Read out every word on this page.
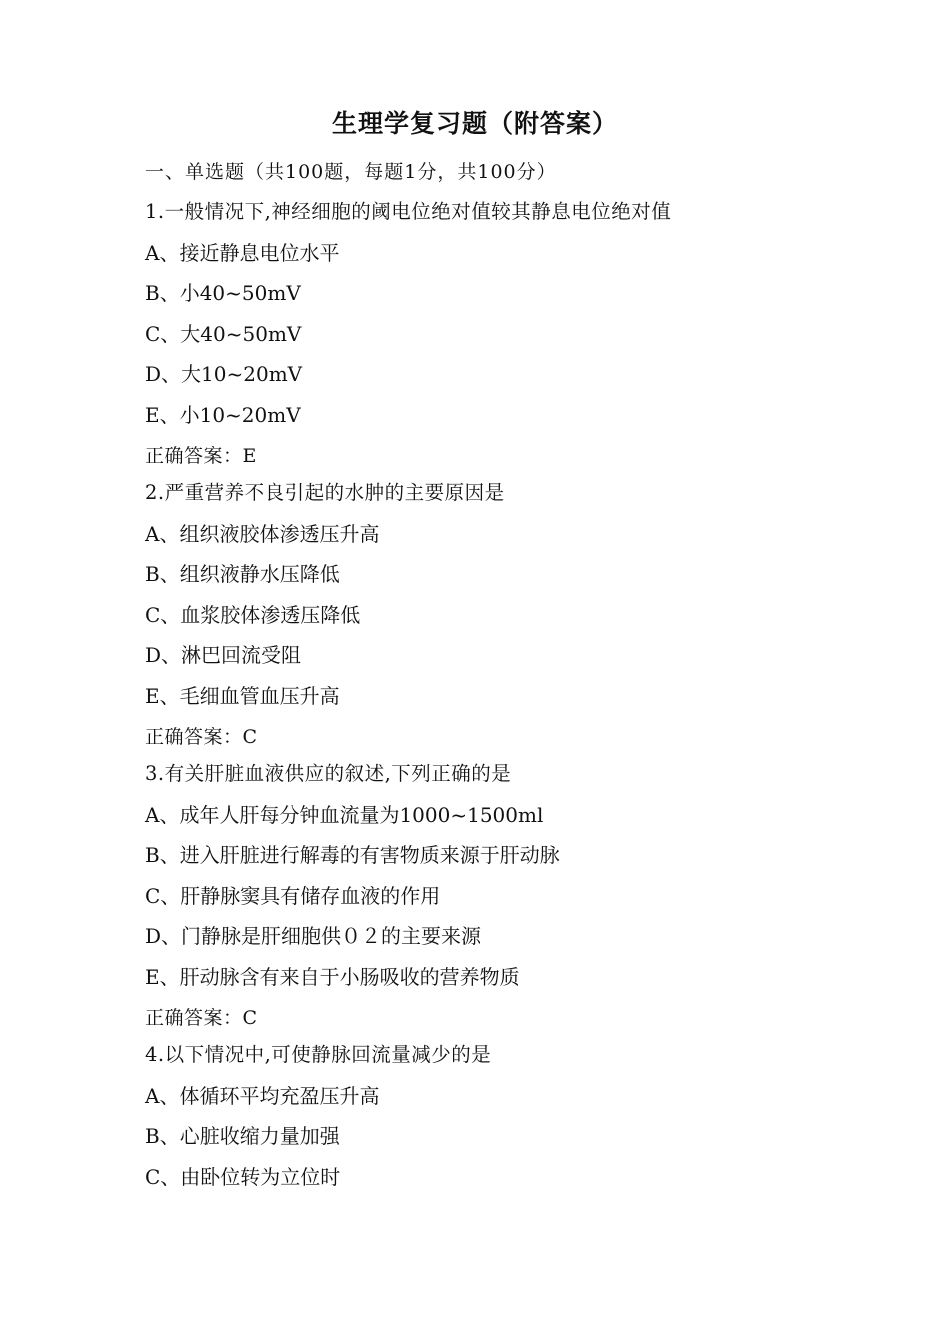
生理学复习题（附答案）
一、单选题（共100题，每题1分，共100分）
1.一般情况下,神经细胞的阈电位绝对值较其静息电位绝对值
A、接近静息电位水平
B、小40~50mV
C、大40~50mV
D、大10~20mV
E、小10~20mV
正确答案：E
2.严重营养不良引起的水肿的主要原因是
A、组织液胶体渗透压升高
B、组织液静水压降低
C、血浆胶体渗透压降低
D、淋巴回流受阻
E、毛细血管血压升高
正确答案：C
3.有关肝脏血液供应的叙述,下列正确的是
A、成年人肝每分钟血流量为1000~1500ml
B、进入肝脏进行解毒的有害物质来源于肝动脉
C、肝静脉窦具有储存血液的作用
D、门静脉是肝细胞供０２的主要来源
E、肝动脉含有来自于小肠吸收的营养物质
正确答案：C
4.以下情况中,可使静脉回流量减少的是
A、体循环平均充盈压升高
B、心脏收缩力量加强
C、由卧位转为立位时
